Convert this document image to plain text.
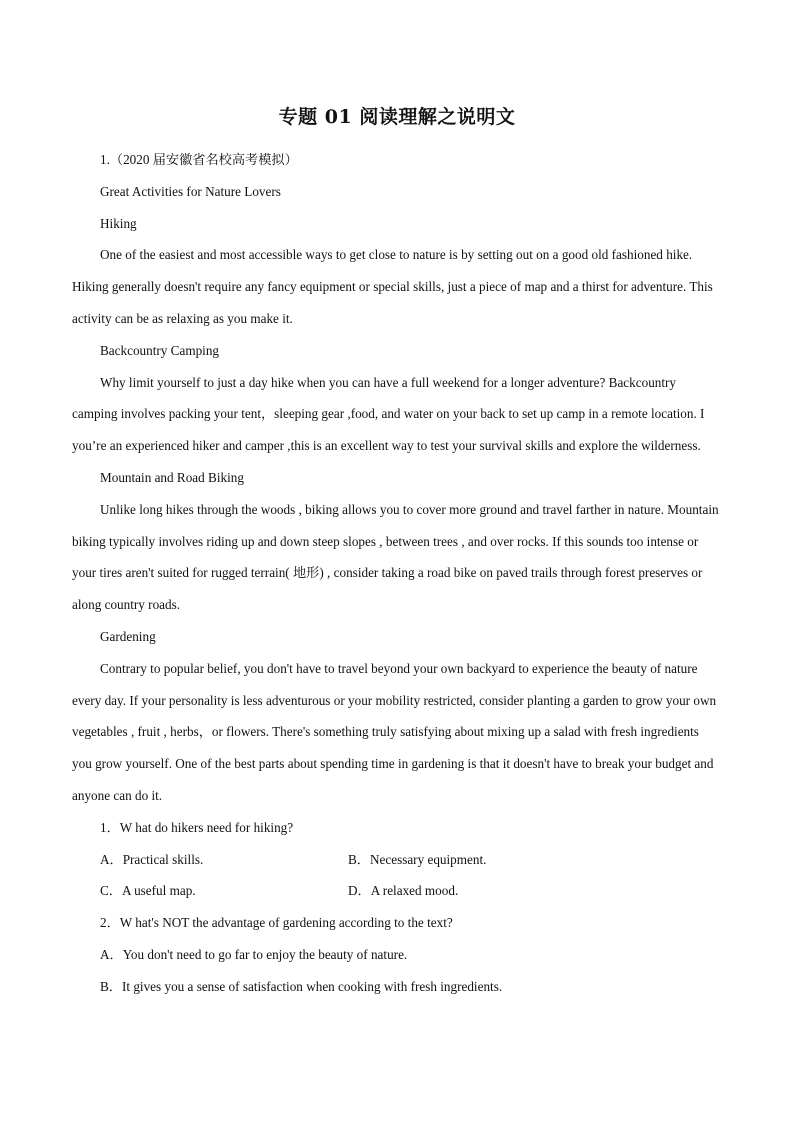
专题 01 阅读理解之说明文

1.（2020 届安徽省名校高考模拟）

Great Activities for Nature Lovers

Hiking

One of the easiest and most accessible ways to get close to nature is by setting out on a good old fashioned hike. Hiking generally doesn't require any fancy equipment or special skills, just a piece of map and a thirst for adventure. This activity can be as relaxing as you make it.

Backcountry Camping

Why limit yourself to just a day hike when you can have a full weekend for a longer adventure? Backcountry camping involves packing your tent，sleeping gear ,food, and water on your back to set up camp in a remote location. I you’re an experienced hiker and camper ,this is an excellent way to test your survival skills and explore the wilderness.

Mountain and Road Biking

Unlike long hikes through the woods , biking allows you to cover more ground and travel farther in nature. Mountain biking typically involves riding up and down steep slopes , between trees , and over rocks. If this sounds too intense or your tires aren't suited for rugged terrain( 地形) , consider taking a road bike on paved trails through forest preserves or along country roads.

Gardening

Contrary to popular belief, you don't have to travel beyond your own backyard to experience the beauty of nature every day. If your personality is less adventurous or your mobility restricted, consider planting a garden to grow your own vegetables , fruit , herbs，or flowers. There's something truly satisfying about mixing up a salad with fresh ingredients you grow yourself. One of the best parts about spending time in gardening is that it doesn't have to break your budget and anyone can do it.

1．W hat do hikers need for hiking?

A．Practical skills.	B．Necessary equipment.
C．A useful map.	D．A relaxed mood.

2．W hat's NOT the advantage of gardening according to the text?

A．You don't need to go far to enjoy the beauty of nature.

B．It gives you a sense of satisfaction when cooking with fresh ingredients.
